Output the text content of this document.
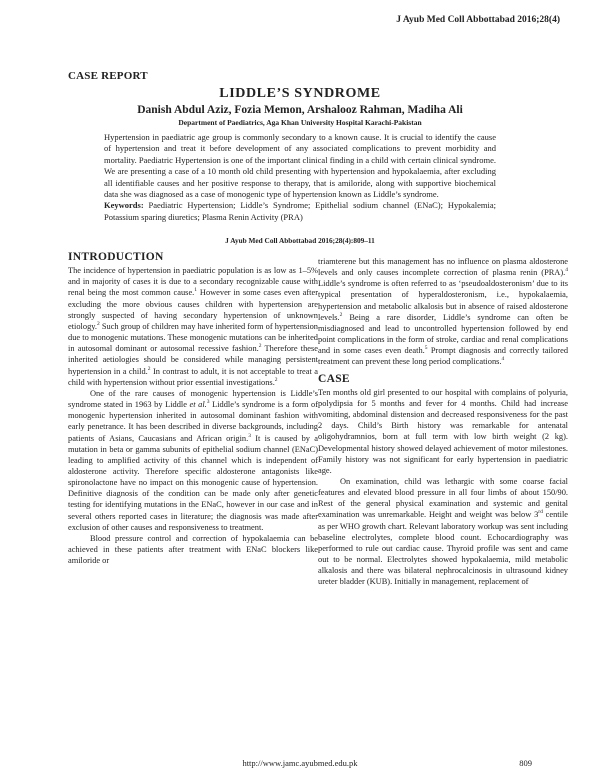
J Ayub Med Coll Abbottabad 2016;28(4)
CASE REPORT
LIDDLE’S SYNDROME
Danish Abdul Aziz, Fozia Memon, Arshalooz Rahman, Madiha Ali
Department of Paediatrics, Aga Khan University Hospital Karachi-Pakistan

Hypertension in paediatric age group is commonly secondary to a known cause. It is crucial to identify the cause of hypertension and treat it before development of any associated complications to prevent morbidity and mortality. Paediatric Hypertension is one of the important clinical finding in a child with certain clinical syndrome. We are presenting a case of a 10 month old child presenting with hypertension and hypokalaemia, after excluding all identifiable causes and her positive response to therapy, that is amiloride, along with supportive biochemical data she was diagnosed as a case of monogenic type of hypertension known as Liddle’s syndrome.

Keywords: Paediatric Hypertension; Liddle’s Syndrome; Epithelial sodium channel (ENaC); Hypokalemia; Potassium sparing diuretics; Plasma Renin Activity (PRA)

J Ayub Med Coll Abbottabad 2016;28(4):809–11
INTRODUCTION

The incidence of hypertension in paediatric population is as low as 1–5% and in majority of cases it is due to a secondary recognizable cause with renal being the most common cause.$^1$ However in some cases even after excluding the more obvious causes children with hypertension are strongly suspected of having secondary hypertension of unknown etiology.$^2$ Such group of children may have inherited form of hypertension due to monogenic mutations. These monogenic mutations can be inherited in autosomal dominant or autosomal recessive fashion.$^2$ Therefore these inherited aetiologies should be considered while managing persistent hypertension in a child.$^2$ In contrast to adult, it is not acceptable to treat a child with hypertension without prior essential investigations.$^2$

One of the rare causes of monogenic hypertension is Liddle’s syndrome stated in 1963 by Liddle et al.$^3$ Liddle’s syndrome is a form of monogenic hypertension inherited in autosomal dominant fashion with early penetrance. It has been described in diverse backgrounds, including patients of Asians, Caucasians and African origin.$^3$ It is caused by a mutation in beta or gamma subunits of epithelial sodium channel (ENaC) leading to amplified activity of this channel which is independent of aldosterone activity. Therefore specific aldosterone antagonists like spironolactone have no impact on this monogenic cause of hypertension. Definitive diagnosis of the condition can be made only after genetic testing for identifying mutations in the ENaC, however in our case and in several others reported cases in literature; the diagnosis was made after exclusion of other causes and responsiveness to treatment.

Blood pressure control and correction of hypokalaemia can be achieved in these patients after treatment with ENaC blockers like amiloride or

triamterene but this management has no influence on plasma aldosterone levels and only causes incomplete correction of plasma renin (PRA).$^4$ Liddle’s syndrome is often referred to as ‘pseudoaldosteronism’ due to its typical presentation of hyperaldosteronism, i.e., hypokalaemia, hypertension and metabolic alkalosis but in absence of raised aldosterone levels.$^2$ Being a rare disorder, Liddle’s syndrome can often be misdiagnosed and lead to uncontrolled hypertension followed by end point complications in the form of stroke, cardiac and renal complications and in some cases even death.$^5$ Prompt diagnosis and correctly tailored treatment can prevent these long period complications.$^4$

CASE

Ten months old girl presented to our hospital with complains of polyuria, polydipsia for 5 months and fever for 4 months. Child had increase vomiting, abdominal distension and decreased responsiveness for the past 2 days. Child’s Birth history was remarkable for antenatal oligohydramnios, born at full term with low birth weight (2 kg). Developmental history showed delayed achievement of motor milestones. Family history was not significant for early hypertension in paediatric age.

On examination, child was lethargic with some coarse facial features and elevated blood pressure in all four limbs of about 150/90. Rest of the general physical examination and systemic and genital examination was unremarkable. Height and weight was below 3rd centile as per WHO growth chart. Relevant laboratory workup was sent including baseline electrolytes, complete blood count. Echocardiography was performed to rule out cardiac cause. Thyroid profile was sent and came out to be normal. Electrolytes showed hypokalaemia, mild metabolic alkalosis and there was bilateral nephrocalcinosis in ultrasound kidney ureter bladder (KUB). Initially in management, replacement of

http://www.jamc.ayubmed.edu.pk	809
